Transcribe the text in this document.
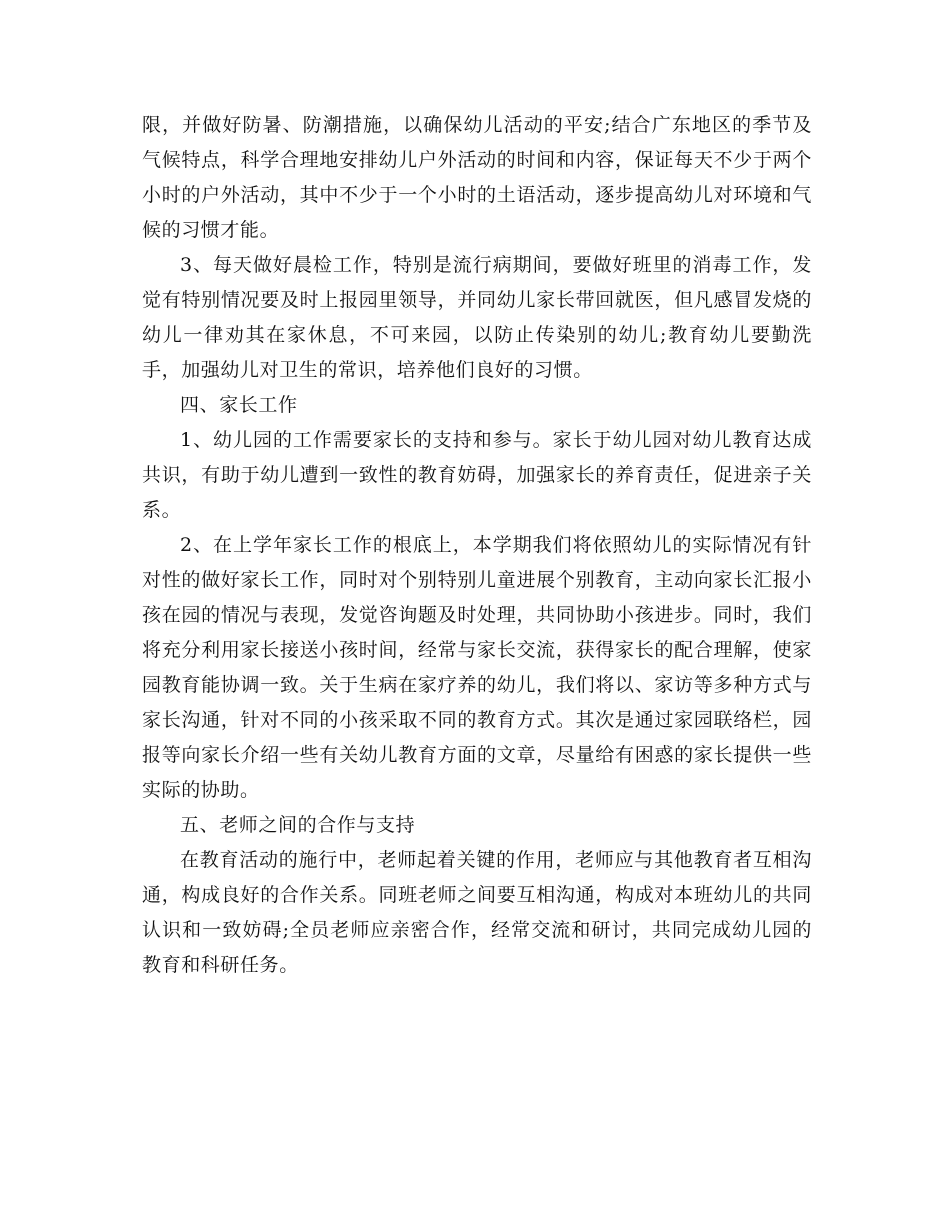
限，并做好防暑、防潮措施，以确保幼儿活动的平安;结合广东地区的季节及气候特点，科学合理地安排幼儿户外活动的时间和内容，保证每天不少于两个小时的户外活动，其中不少于一个小时的土语活动，逐步提高幼儿对环境和气候的习惯才能。

3、每天做好晨检工作，特别是流行病期间，要做好班里的消毒工作，发觉有特别情况要及时上报园里领导，并同幼儿家长带回就医，但凡感冒发烧的幼儿一律劝其在家休息，不可来园，以防止传染别的幼儿;教育幼儿要勤洗手，加强幼儿对卫生的常识，培养他们良好的习惯。

四、家长工作

1、幼儿园的工作需要家长的支持和参与。家长于幼儿园对幼儿教育达成共识，有助于幼儿遭到一致性的教育妨碍，加强家长的养育责任，促进亲子关系。

2、在上学年家长工作的根底上，本学期我们将依照幼儿的实际情况有针对性的做好家长工作，同时对个别特别儿童进展个别教育，主动向家长汇报小孩在园的情况与表现，发觉咨询题及时处理，共同协助小孩进步。同时，我们将充分利用家长接送小孩时间，经常与家长交流，获得家长的配合理解，使家园教育能协调一致。关于生病在家疗养的幼儿，我们将以、家访等多种方式与家长沟通，针对不同的小孩采取不同的教育方式。其次是通过家园联络栏，园报等向家长介绍一些有关幼儿教育方面的文章，尽量给有困惑的家长提供一些实际的协助。

五、老师之间的合作与支持

在教育活动的施行中，老师起着关键的作用，老师应与其他教育者互相沟通，构成良好的合作关系。同班老师之间要互相沟通，构成对本班幼儿的共同认识和一致妨碍;全员老师应亲密合作，经常交流和研讨，共同完成幼儿园的教育和科研任务。
